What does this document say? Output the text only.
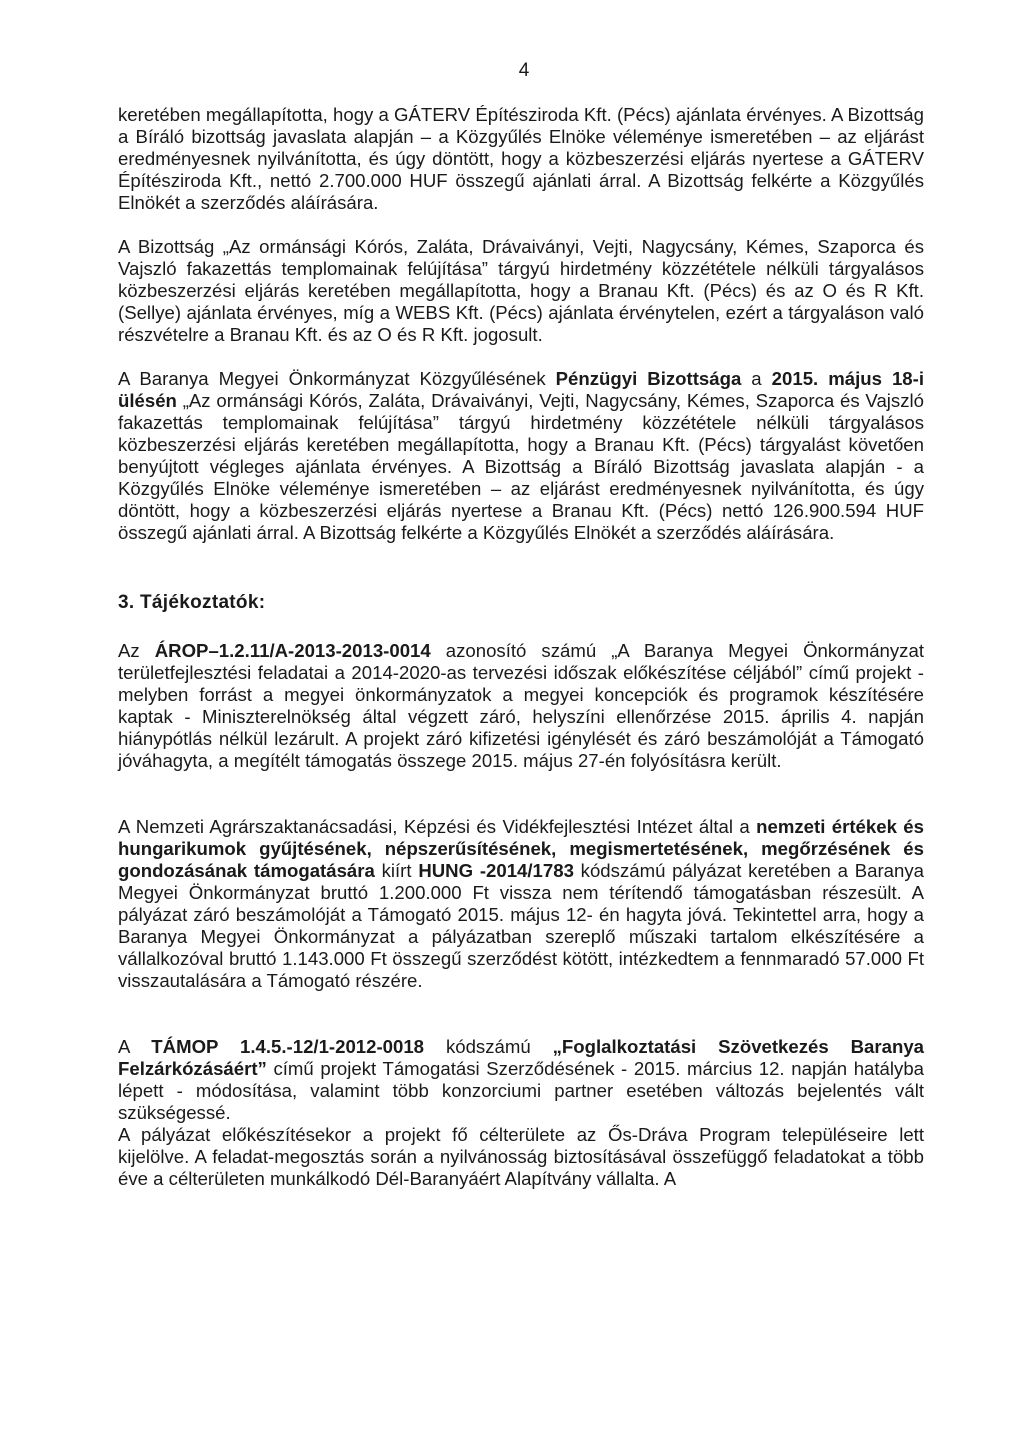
4

keretében megállapította, hogy a GÁTERV Építésziroda Kft. (Pécs) ajánlata érvényes. A Bizottság a Bíráló bizottság javaslata alapján – a Közgyűlés Elnöke véleménye ismeretében – az eljárást eredményesnek nyilvánította, és úgy döntött, hogy a közbeszerzési eljárás nyertese a GÁTERV Építésziroda Kft., nettó 2.700.000 HUF összegű ajánlati árral. A Bizottság felkérte a Közgyűlés Elnökét a szerződés aláírására.

A Bizottság „Az ormánsági Kórós, Zaláta, Drávaiványi, Vejti, Nagycsány, Kémes, Szaporca és Vajszló fakazettás templomainak felújítása” tárgyú hirdetmény közzététele nélküli tárgyalásos közbeszerzési eljárás keretében megállapította, hogy a Branau Kft. (Pécs) és az O és R Kft. (Sellye) ajánlata érvényes, míg a WEBS Kft. (Pécs) ajánlata érvénytelen, ezért a tárgyaláson való részvételre a Branau Kft. és az O és R Kft. jogosult.

A Baranya Megyei Önkormányzat Közgyűlésének Pénzügyi Bizottsága a 2015. május 18-i ülésén „Az ormánsági Kórós, Zaláta, Drávaiványi, Vejti, Nagycsány, Kémes, Szaporca és Vajszló fakazettás templomainak felújítása” tárgyú hirdetmény közzététele nélküli tárgyalásos közbeszerzési eljárás keretében megállapította, hogy a Branau Kft. (Pécs) tárgyalást követően benyújtott végleges ajánlata érvényes. A Bizottság a Bíráló Bizottság javaslata alapján - a Közgyűlés Elnöke véleménye ismeretében – az eljárást eredményesnek nyilvánította, és úgy döntött, hogy a közbeszerzési eljárás nyertese a Branau Kft. (Pécs) nettó 126.900.594 HUF összegű ajánlati árral. A Bizottság felkérte a Közgyűlés Elnökét a szerződés aláírására.

3. Tájékoztatók:

Az ÁROP–1.2.11/A-2013-2013-0014 azonosító számú „A Baranya Megyei Önkormányzat területfejlesztési feladatai a 2014-2020-as tervezési időszak előkészítése céljából” című projekt - melyben forrást a megyei önkormányzatok a megyei koncepciók és programok készítésére kaptak - Miniszterelnökség által végzett záró, helyszíni ellenőrzése 2015. április 4. napján hiánypótlás nélkül lezárult. A projekt záró kifizetési igénylését és záró beszámolóját a Támogató jóváhagyta, a megítélt támogatás összege 2015. május 27-én folyósításra került.

A Nemzeti Agrárszaktanácsadási, Képzési és Vidékfejlesztési Intézet által a nemzeti értékek és hungarikumok gyűjtésének, népszerűsítésének, megismertetésének, megőrzésének és gondozásának támogatására kiírt HUNG -2014/1783 kódszámú pályázat keretében a Baranya Megyei Önkormányzat bruttó 1.200.000 Ft vissza nem térítendő támogatásban részesült. A pályázat záró beszámolóját a Támogató 2015. május 12- én hagyta jóvá. Tekintettel arra, hogy a Baranya Megyei Önkormányzat a pályázatban szereplő műszaki tartalom elkészítésére a vállalkozóval bruttó 1.143.000 Ft összegű szerződést kötött, intézkedtem a fennmaradó 57.000 Ft visszautalására a Támogató részére.

A TÁMOP 1.4.5.-12/1-2012-0018 kódszámú „Foglalkoztatási Szövetkezés Baranya Felzárkózásáért” című projekt Támogatási Szerződésének - 2015. március 12. napján hatályba lépett - módosítása, valamint több konzorciumi partner esetében változás bejelentés vált szükségessé.

A pályázat előkészítésekor a projekt fő célterülete az Ős-Dráva Program településeire lett kijelölve. A feladat-megosztás során a nyilvánosság biztosításával összefüggő feladatokat a több éve a célterületen munkálkodó Dél-Baranyáért Alapítvány vállalta. A
